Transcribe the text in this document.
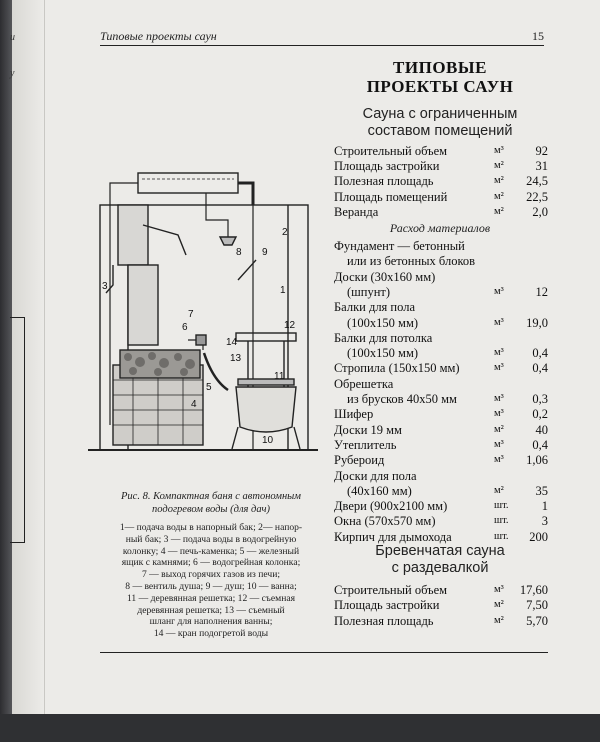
и
у
Типовые проекты саун	15
ТИПОВЫЕ
ПРОЕКТЫ САУН
Сауна с ограниченным
составом помещений
Строительный объем	м³	92
Площадь застройки	м²	31
Полезная площадь	м² 24,5
Площадь помещений	м² 22,5
Веранда	м² 2,0
Расход материалов
Фундамент — бетонный
или из бетонных блоков
Доски (30х160 мм)
(шпунт)	м³	12
Балки для пола
(100х150 мм)	м³ 19,0
Балки для потолка
(100х150 мм)	м³ 0,4
Стропила (150х150 мм)	м³ 0,4
Обрешетка
из брусков 40х50 мм	м³ 0,3
Шифер	м³ 0,2
Доски 19 мм	м²	40
Утеплитель	м³ 0,4
Рубероид	м³ 1,06
Доски для пола
(40х160 мм)	м²	35
Двери (900х2100 мм)	шт.	1
Окна (570х570 мм)	шт.	3
Кирпич для дымохода	шт. 200
Бревенчатая сауна
с раздевалкой
Строительный объем	м³ 17,60
Площадь застройки	м² 7,50
Полезная площадь	м² 5,70
1
2
3
4
5
6
7
8 9
10
11
12
13
14
Рис. 8. Компактная баня с автономным
подогревом воды (для дач)
1— подача воды в напорный бак; 2— напор-
ный бак; 3 — подача воды в водогрейную
колонку; 4 — печь-каменка; 5 — железный
ящик с камнями; 6 — водогрейная колонка;
7 — выход горячих газов из печи;
8 — вентиль душа; 9 — душ; 10 — ванна;
11 — деревянная решетка; 12 — съемная
деревянная решетка; 13 — съемный
шланг для наполнения ванны;
14 — кран подогретой воды
